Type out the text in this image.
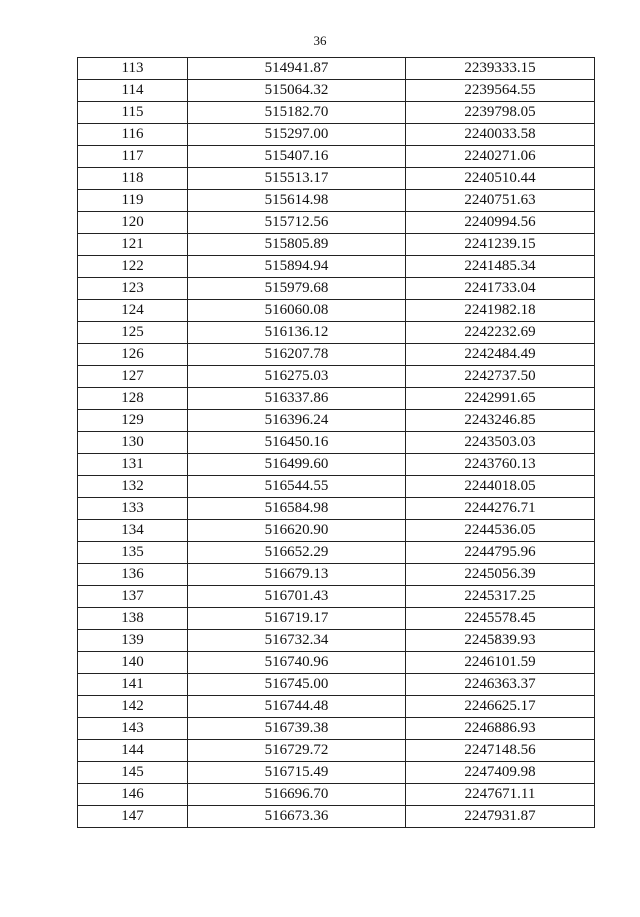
36
113	514941.87	2239333.15
114	515064.32	2239564.55
115	515182.70	2239798.05
116	515297.00	2240033.58
117	515407.16	2240271.06
118	515513.17	2240510.44
119	515614.98	2240751.63
120	515712.56	2240994.56
121	515805.89	2241239.15
122	515894.94	2241485.34
123	515979.68	2241733.04
124	516060.08	2241982.18
125	516136.12	2242232.69
126	516207.78	2242484.49
127	516275.03	2242737.50
128	516337.86	2242991.65
129	516396.24	2243246.85
130	516450.16	2243503.03
131	516499.60	2243760.13
132	516544.55	2244018.05
133	516584.98	2244276.71
134	516620.90	2244536.05
135	516652.29	2244795.96
136	516679.13	2245056.39
137	516701.43	2245317.25
138	516719.17	2245578.45
139	516732.34	2245839.93
140	516740.96	2246101.59
141	516745.00	2246363.37
142	516744.48	2246625.17
143	516739.38	2246886.93
144	516729.72	2247148.56
145	516715.49	2247409.98
146	516696.70	2247671.11
147	516673.36	2247931.87
